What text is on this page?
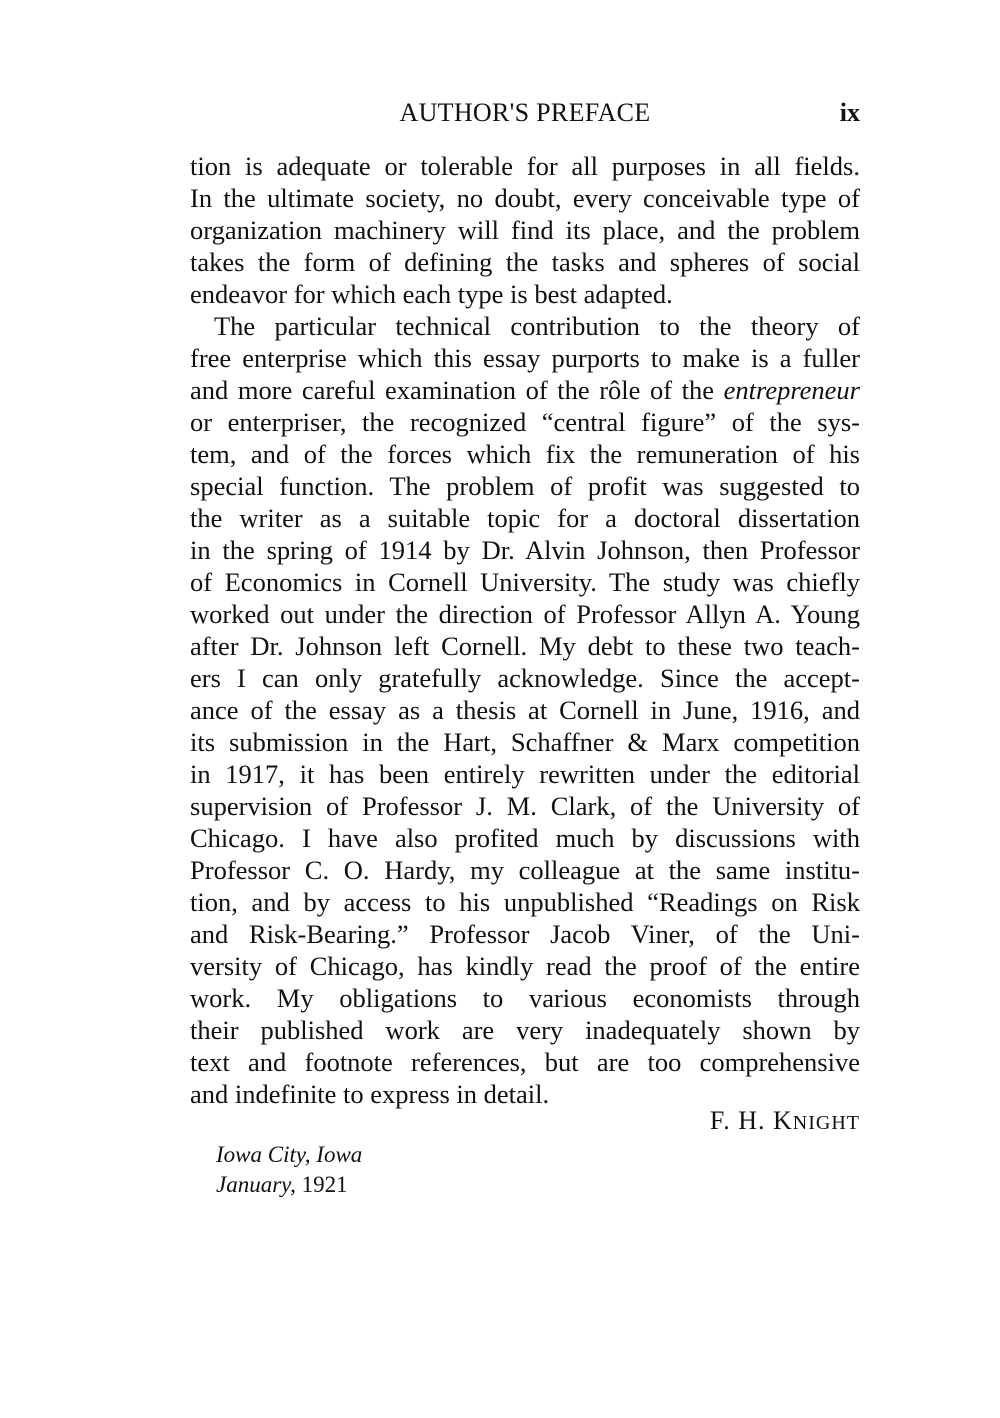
AUTHOR'S PREFACE	ix
tion is adequate or tolerable for all purposes in all fields.
In the ultimate society, no doubt, every conceivable type of
organization machinery will find its place, and the problem
takes the form of defining the tasks and spheres of social
endeavor for which each type is best adapted.
The particular technical contribution to the theory of
free enterprise which this essay purports to make is a fuller
and more careful examination of the rôle of the entrepreneur
or enterpriser, the recognized “central figure” of the sys-
tem, and of the forces which fix the remuneration of his
special function. The problem of profit was suggested to
the writer as a suitable topic for a doctoral dissertation
in the spring of 1914 by Dr. Alvin Johnson, then Professor
of Economics in Cornell University. The study was chiefly
worked out under the direction of Professor Allyn A. Young
after Dr. Johnson left Cornell. My debt to these two teach-
ers I can only gratefully acknowledge. Since the accept-
ance of the essay as a thesis at Cornell in June, 1916, and
its submission in the Hart, Schaffner & Marx competition
in 1917, it has been entirely rewritten under the editorial
supervision of Professor J. M. Clark, of the University of
Chicago. I have also profited much by discussions with
Professor C. O. Hardy, my colleague at the same institu-
tion, and by access to his unpublished “Readings on Risk
and Risk-Bearing.” Professor Jacob Viner, of the Uni-
versity of Chicago, has kindly read the proof of the entire
work. My obligations to various economists through
their published work are very inadequately shown by
text and footnote references, but are too comprehensive
and indefinite to express in detail.
F. H. KNIGHT
Iowa City, Iowa
January, 1921
